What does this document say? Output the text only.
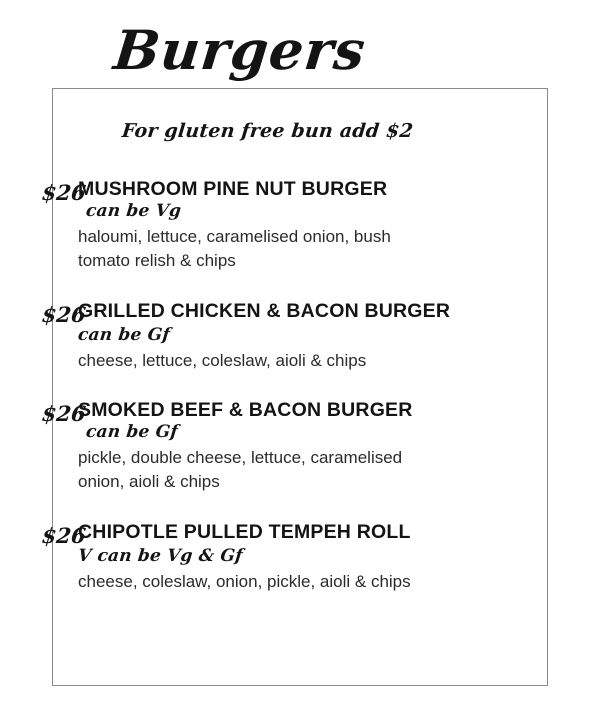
Burgers
For gluten free bun add $2
$26
MUSHROOM PINE NUT BURGER
can be Vg
haloumi, lettuce, caramelised onion, bush tomato relish & chips
$26
GRILLED CHICKEN & BACON BURGER
can be Gf
cheese, lettuce, coleslaw, aioli & chips
$26
SMOKED BEEF & BACON BURGER
can be Gf
pickle, double cheese, lettuce, caramelised onion, aioli & chips
$26
CHIPOTLE PULLED TEMPEH ROLL
V can be Vg & Gf
cheese, coleslaw, onion, pickle, aioli & chips
